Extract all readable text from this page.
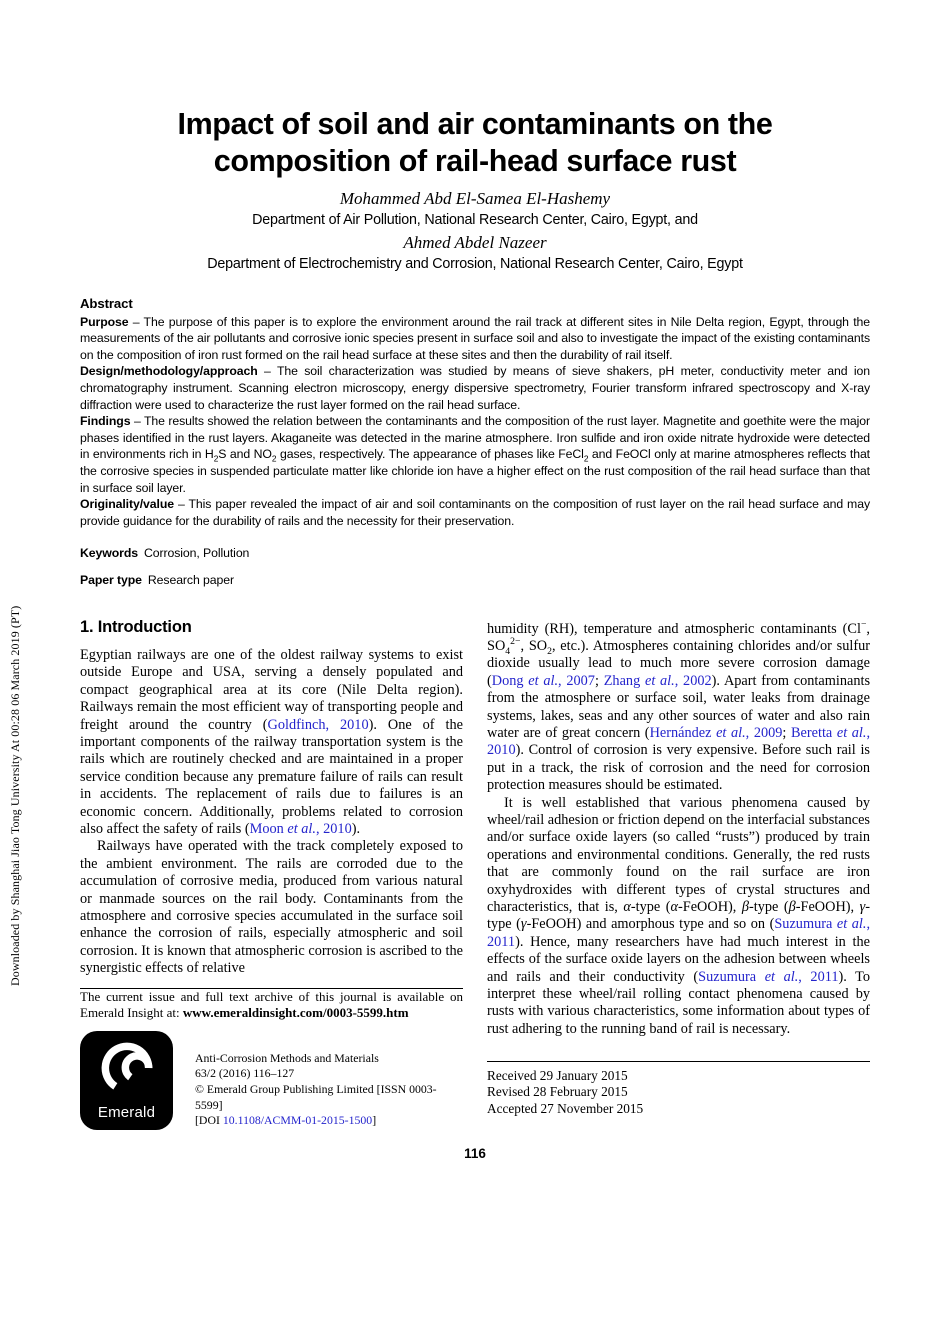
Downloaded by Shanghai Jiao Tong University At 00:28 06 March 2019 (PT)
Impact of soil and air contaminants on the composition of rail-head surface rust
Mohammed Abd El-Samea El-Hashemy
Department of Air Pollution, National Research Center, Cairo, Egypt, and
Ahmed Abdel Nazeer
Department of Electrochemistry and Corrosion, National Research Center, Cairo, Egypt
Abstract

Purpose – The purpose of this paper is to explore the environment around the rail track at different sites in Nile Delta region, Egypt, through the measurements of the air pollutants and corrosive ionic species present in surface soil and also to investigate the impact of the existing contaminants on the composition of iron rust formed on the rail head surface at these sites and then the durability of rail itself.

Design/methodology/approach – The soil characterization was studied by means of sieve shakers, pH meter, conductivity meter and ion chromatography instrument. Scanning electron microscopy, energy dispersive spectrometry, Fourier transform infrared spectroscopy and X-ray diffraction were used to characterize the rust layer formed on the rail head surface.

Findings – The results showed the relation between the contaminants and the composition of the rust layer. Magnetite and goethite were the major phases identified in the rust layers. Akaganeite was detected in the marine atmosphere. Iron sulfide and iron oxide nitrate hydroxide were detected in environments rich in $H_2S$ and $NO_2$ gases, respectively. The appearance of phases like FeCl$_2$ and FeOCl only at marine atmospheres reflects that the corrosive species in suspended particulate matter like chloride ion have a higher effect on the rust composition of the rail head surface than that in surface soil layer.

Originality/value – This paper revealed the impact of air and soil contaminants on the composition of rust layer on the rail head surface and may provide guidance for the durability of rails and the necessity for their preservation.

Keywords Corrosion, Pollution

Paper type Research paper

1. Introduction

Egyptian railways are one of the oldest railway systems to exist outside Europe and USA, serving a densely populated and compact geographical area at its core (Nile Delta region). Railways remain the most efficient way of transporting people and freight around the country (Goldfinch, 2010). One of the important components of the railway transportation system is the rails which are routinely checked and are maintained in a proper service condition because any premature failure of rails can result in accidents. The replacement of rails due to failures is an economic concern. Additionally, problems related to corrosion also affect the safety of rails (Moon et al., 2010).

Railways have operated with the track completely exposed to the ambient environment. The rails are corroded due to the accumulation of corrosive media, produced from various natural or manmade sources on the rail body. Contaminants from the atmosphere and corrosive species accumulated in the surface soil enhance the corrosion of rails, especially atmospheric and soil corrosion. It is known that atmospheric corrosion is ascribed to the synergistic effects of relative

The current issue and full text archive of this journal is available on Emerald Insight at: www.emeraldinsight.com/0003-5599.htm

Emerald
Anti-Corrosion Methods and Materials
63/2 (2016) 116–127
© Emerald Group Publishing Limited [ISSN 0003-5599]
[DOI 10.1108/ACMM-01-2015-1500]

humidity (RH), temperature and atmospheric contaminants (Cl−, $SO_4^{2-}$, $SO_2$, etc.). Atmospheres containing chlorides and/or sulfur dioxide usually lead to much more severe corrosion damage (Dong et al., 2007; Zhang et al., 2002). Apart from contaminants from the atmosphere or surface soil, water leaks from drainage systems, lakes, seas and any other sources of water and also rain water are of great concern (Hernández et al., 2009; Beretta et al., 2010). Control of corrosion is very expensive. Before such rail is put in a track, the risk of corrosion and the need for corrosion protection measures should be estimated.

It is well established that various phenomena caused by wheel/rail adhesion or friction depend on the interfacial substances and/or surface oxide layers (so called “rusts”) produced by train operations and environmental conditions. Generally, the red rusts that are commonly found on the rail surface are iron oxyhydroxides with different types of crystal structures and characteristics, that is, α-type (α-FeOOH), β-type (β-FeOOH), γ-type (γ-FeOOH) and amorphous type and so on (Suzumura et al., 2011). Hence, many researchers have had much interest in the effects of the surface oxide layers on the adhesion between wheels and rails and their conductivity (Suzumura et al., 2011). To interpret these wheel/rail rolling contact phenomena caused by rusts with various characteristics, some information about types of rust adhering to the running band of rail is necessary.

Received 29 January 2015
Revised 28 February 2015
Accepted 27 November 2015
116
